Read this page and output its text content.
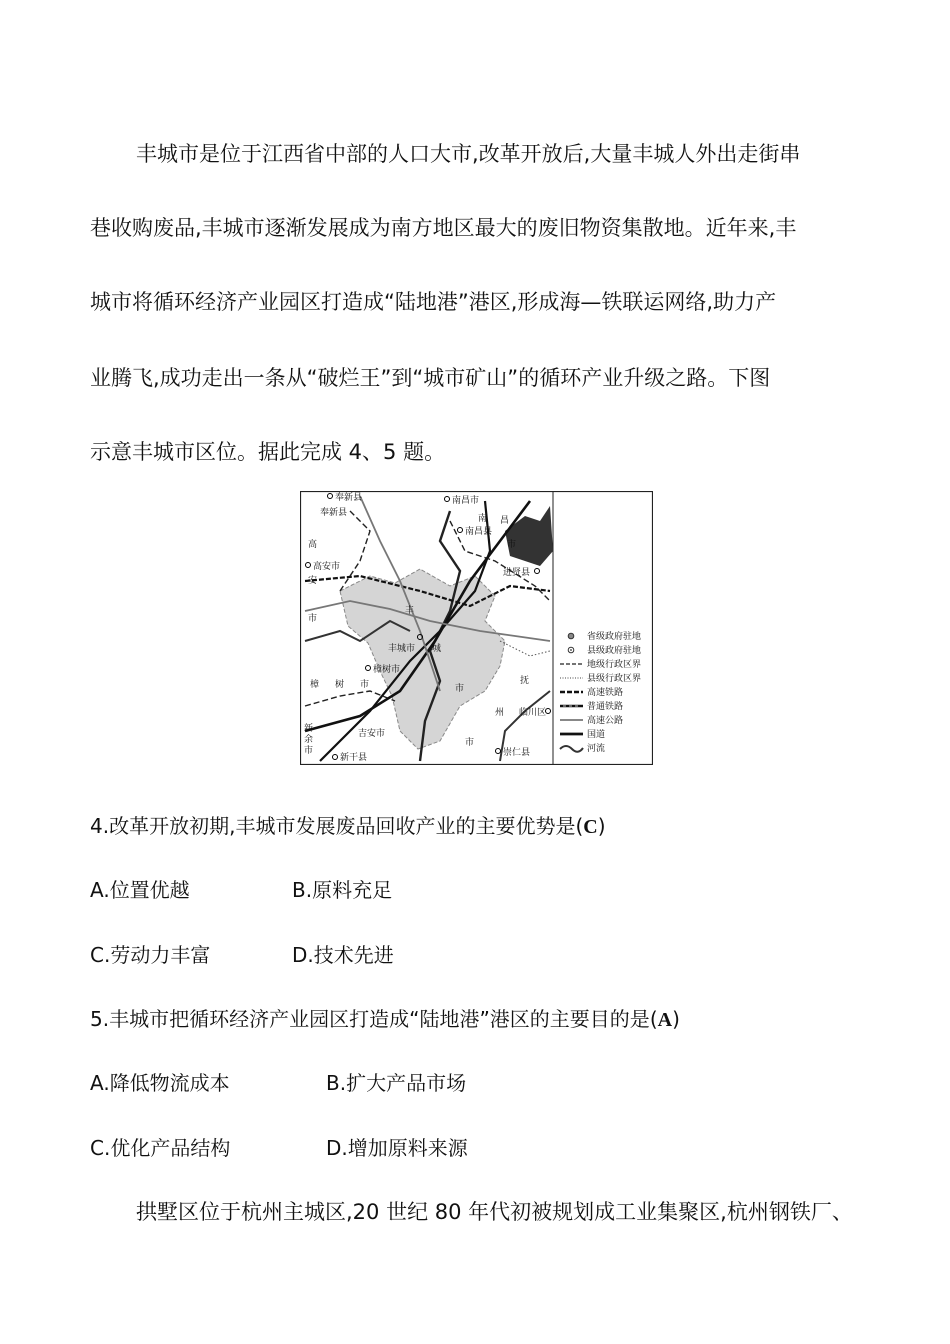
丰城市是位于江西省中部的人口大市,改革开放后,大量丰城人外出走街串
巷收购废品,丰城市逐渐发展成为南方地区最大的废旧物资集散地。近年来,丰
城市将循环经济产业园区打造成“陆地港”港区,形成海—铁联运网络,助力产
业腾飞,成功走出一条从“破烂王”到“城市矿山”的循环产业升级之路。下图
示意丰城市区位。据此完成 4、5 题。
奉新县
奉新县
南昌市
南
南昌县
昌
市
高
安
高安市
市
丰
进贤县
丰城市 城
樟树市
樟 树 市	市
抚
州 临川区
新
余
市
吉安市
新干县
市
崇仁县
省级政府驻地
县级政府驻地
地级行政区界
县级行政区界
高速铁路
普通铁路
高速公路
国道
河流
4.改革开放初期,丰城市发展废品回收产业的主要优势是(C)
A.位置优越	B.原料充足
C.劳动力丰富	D.技术先进
5.丰城市把循环经济产业园区打造成“陆地港”港区的主要目的是(A)
A.降低物流成本	B.扩大产品市场
C.优化产品结构	D.增加原料来源
拱墅区位于杭州主城区,20 世纪 80 年代初被规划成工业集聚区,杭州钢铁厂、
